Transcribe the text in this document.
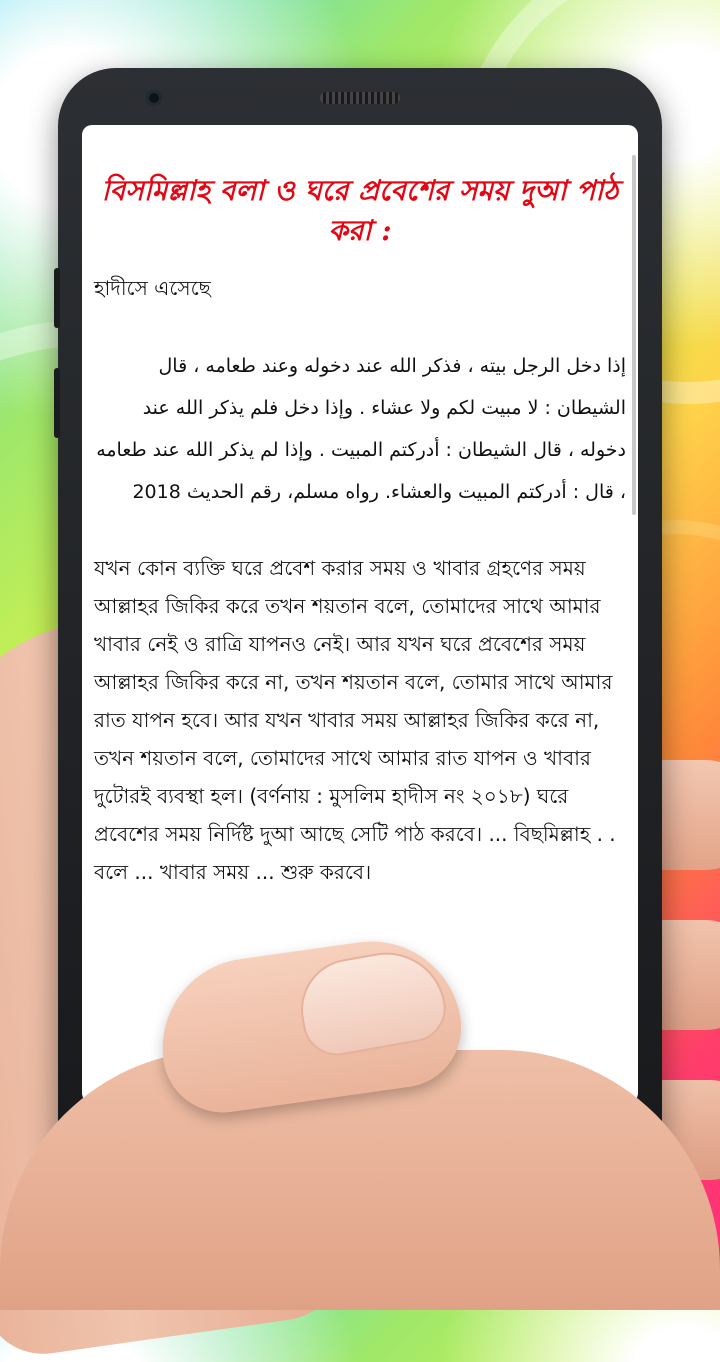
বিসমিল্লাহ বলা ও ঘরে প্রবেশের সময় দুআ পাঠ করা :
হাদীসে এসেছে
إذا دخل الرجل بيته ، فذكر الله عند دخوله وعند طعامه ، قال الشيطان : لا مبيت لكم ولا عشاء . وإذا دخل فلم يذكر الله عند دخوله ، قال الشيطان : أدركتم المبيت . وإذا لم يذكر الله عند طعامه ، قال : أدركتم المبيت والعشاء. رواه مسلم، رقم الحديث 2018
যখন কোন ব্যক্তি ঘরে প্রবেশ করার সময় ও খাবার গ্রহণের সময় আল্লাহর জিকির করে তখন শয়তান বলে, তোমাদের সাথে আমার খাবার নেই ও রাত্রি যাপনও নেই। আর যখন ঘরে প্রবেশের সময় আল্লাহর জিকির করে না, তখন শয়তান বলে, তোমার সাথে আমার রাত যাপন হবে। আর যখন খাবার সময় আল্লাহর জিকির করে না, তখন শয়তান বলে, তোমাদের সাথে আমার রাত যাপন ও খাবার দুটোরই ব্যবস্থা হল। (বর্ণনায় : মুসলিম হাদীস নং ২০১৮) ঘরে প্রবেশের সময় নির্দিষ্ট দুআ আছে সেটি পাঠ করবে। ... বিছমিল্লাহ . . বলে ... খাবার সময় ... শুরু করবে।
